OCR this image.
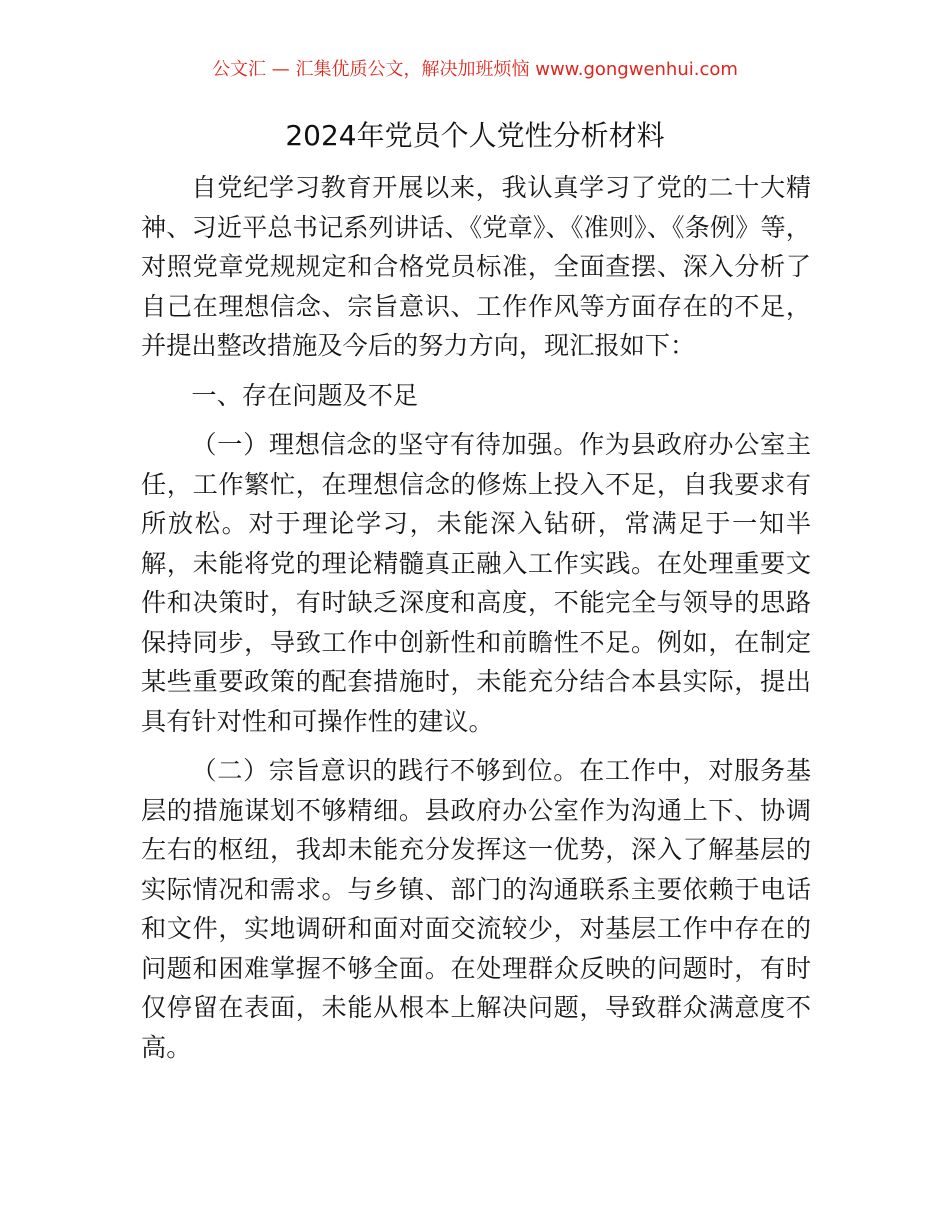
公文汇 — 汇集优质公文，解决加班烦恼 www.gongwenhui.com
2024年党员个人党性分析材料

自党纪学习教育开展以来，我认真学习了党的二十大精神、习近平总书记系列讲话、《党章》、《准则》、《条例》等，对照党章党规规定和合格党员标准，全面查摆、深入分析了自己在理想信念、宗旨意识、工作作风等方面存在的不足，并提出整改措施及今后的努力方向，现汇报如下：

一、存在问题及不足

（一）理想信念的坚守有待加强。作为县政府办公室主任，工作繁忙，在理想信念的修炼上投入不足，自我要求有所放松。对于理论学习，未能深入钻研，常满足于一知半解，未能将党的理论精髓真正融入工作实践。在处理重要文件和决策时，有时缺乏深度和高度，不能完全与领导的思路保持同步，导致工作中创新性和前瞻性不足。例如，在制定某些重要政策的配套措施时，未能充分结合本县实际，提出具有针对性和可操作性的建议。

（二）宗旨意识的践行不够到位。在工作中，对服务基层的措施谋划不够精细。县政府办公室作为沟通上下、协调左右的枢纽，我却未能充分发挥这一优势，深入了解基层的实际情况和需求。与乡镇、部门的沟通联系主要依赖于电话和文件，实地调研和面对面交流较少，对基层工作中存在的问题和困难掌握不够全面。在处理群众反映的问题时，有时仅停留在表面，未能从根本上解决问题，导致群众满意度不高。
